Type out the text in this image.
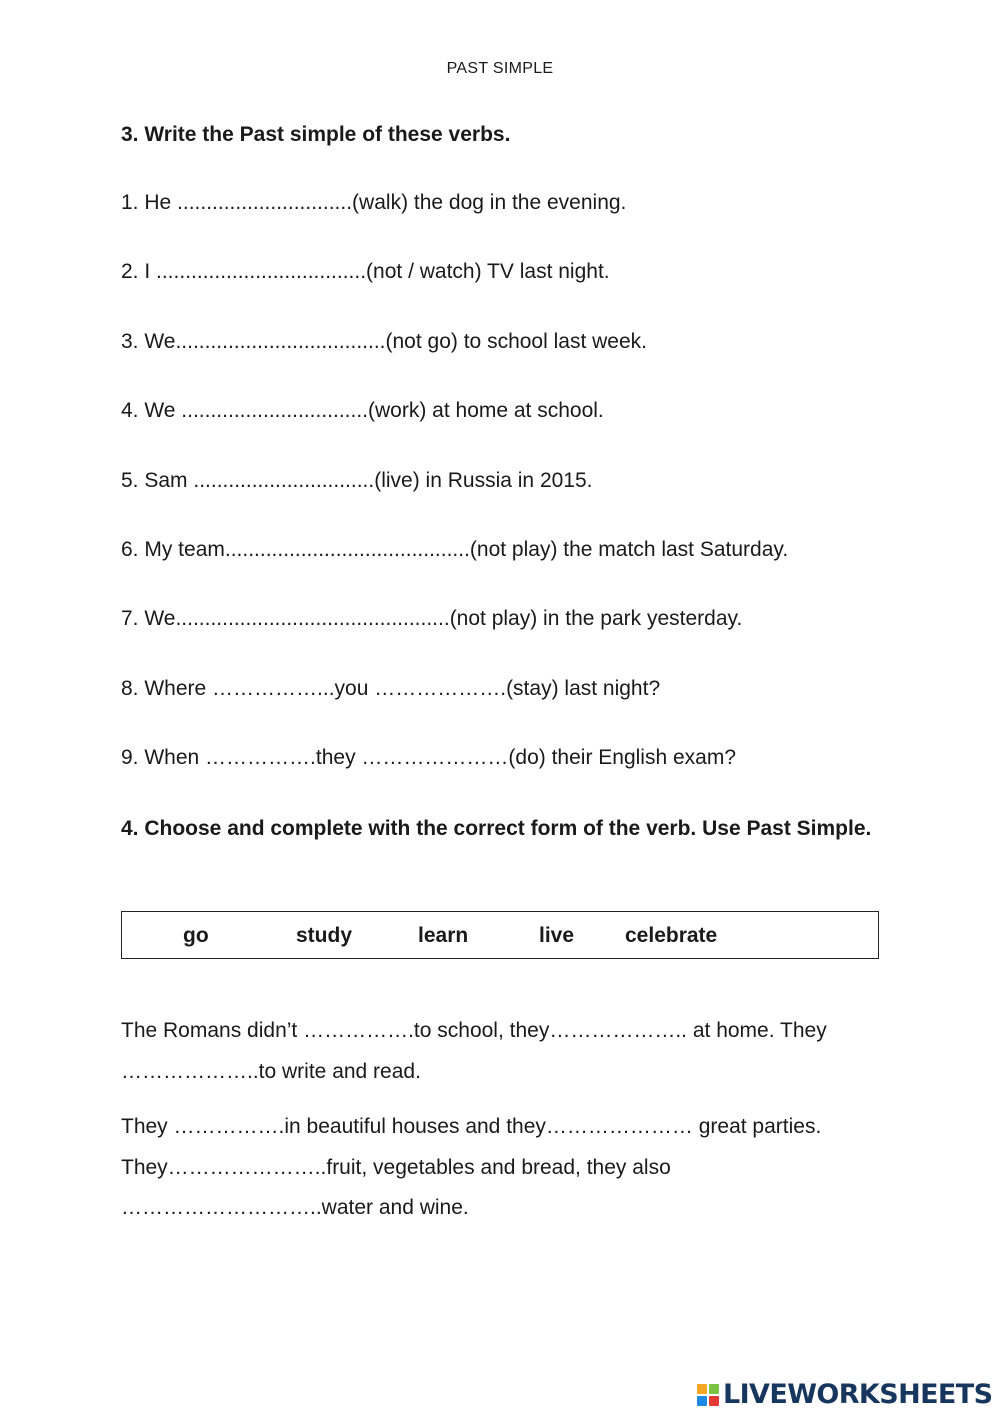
PAST SIMPLE
3. Write the Past simple of these verbs.
1. He ..............................(walk) the dog in the evening.
2. I ....................................(not / watch) TV last night.
3. We....................................(not go) to school last week.
4. We ................................(work) at home at school.
5. Sam ...............................(live) in Russia in 2015.
6. My team..........................................(not play) the match last Saturday.
7. We...............................................(not play) in the park yesterday.
8. Where ……………...you ……………….(stay) last night?
9. When …………….they …………………(do) their English exam?
4. Choose and complete with the correct form of the verb. Use Past Simple.
go	study	learn	live celebrate

The Romans didn’t …………….to school, they……………….. at home. They ………………..to write and read.

They …………….in beautiful houses and they………………… great parties. They…………………..fruit, vegetables and bread, they also ………………………..water and wine.

LIVEWORKSHEETS
